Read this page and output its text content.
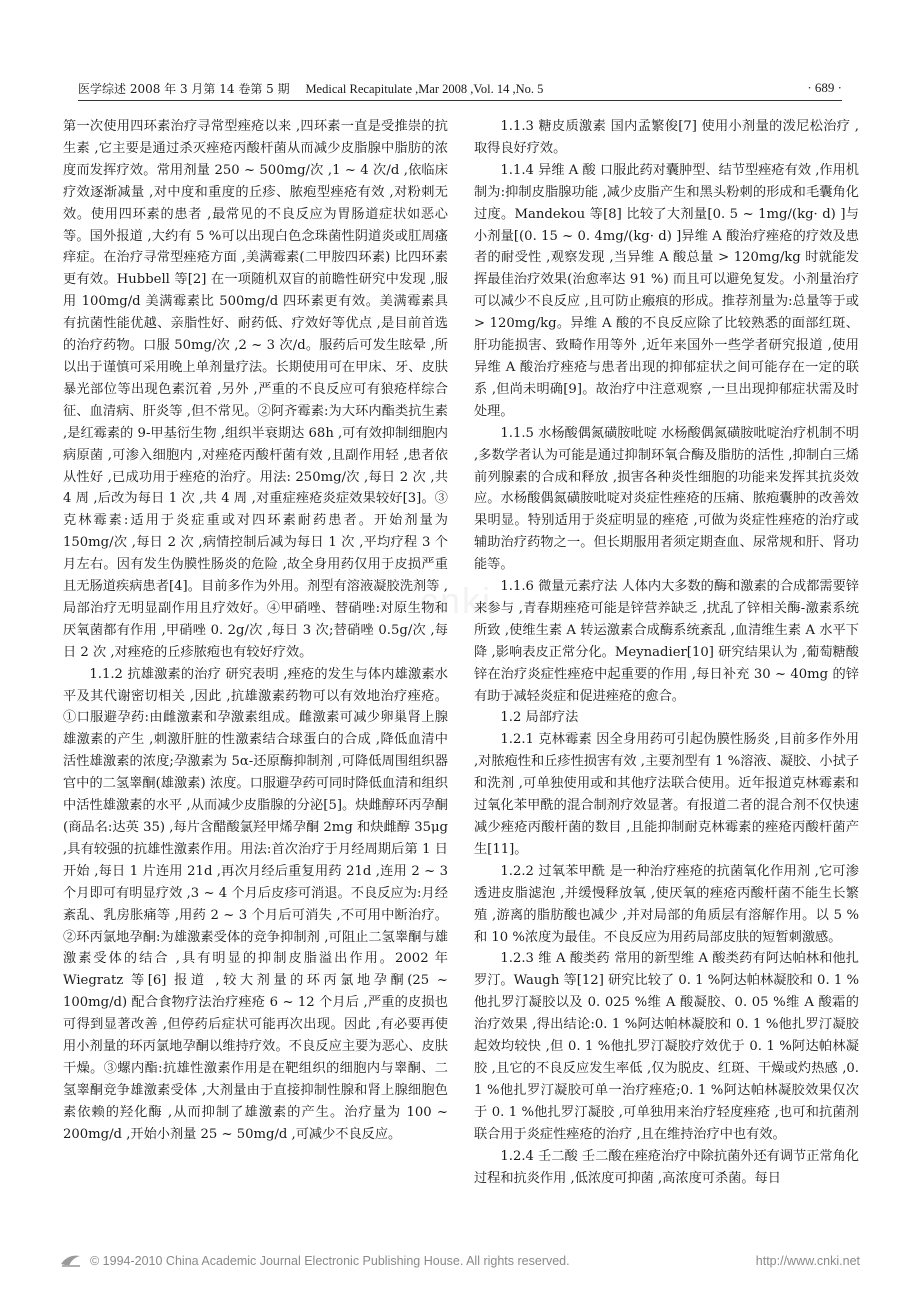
医学综述 2008 年 3 月第 14 卷第 5 期 Medical Recapitulate ,Mar 2008 ,Vol. 14 ,No. 5	· 689 ·
cnki

第一次使用四环素治疗寻常型痤疮以来 ,四环素一直是受推崇的抗生素 ,它主要是通过杀灭痤疮丙酸杆菌从而减少皮脂腺中脂肪的浓度而发挥疗效。常用剂量 250 ~ 500mg/次 ,1 ~ 4 次/d ,依临床疗效逐渐减量 ,对中度和重度的丘疹、脓疱型痤疮有效 ,对粉刺无效。使用四环素的患者 ,最常见的不良反应为胃肠道症状如恶心等。国外报道 ,大约有 5 %可以出现白色念珠菌性阴道炎或肛周瘙痒症。在治疗寻常型痤疮方面 ,美满霉素(二甲胺四环素) 比四环素更有效。Hubbell 等[2] 在一项随机双盲的前瞻性研究中发现 ,服用 100mg/d 美满霉素比 500mg/d 四环素更有效。美满霉素具有抗菌性能优越、亲脂性好、耐药低、疗效好等优点 ,是目前首选的治疗药物。口服 50mg/次 ,2 ~ 3 次/d。服药后可发生眩晕 ,所以出于谨慎可采用晚上单剂量疗法。长期使用可在甲床、牙、皮肤暴光部位等出现色素沉着 ,另外 ,严重的不良反应可有狼疮样综合征、血清病、肝炎等 ,但不常见。②阿齐霉素:为大环内酯类抗生素 ,是红霉素的 9-甲基衍生物 ,组织半衰期达 68h ,可有效抑制细胞内病原菌 ,可渗入细胞内 ,对痤疮丙酸杆菌有效 ,且副作用轻 ,患者依从性好 ,已成功用于痤疮的治疗。用法: 250mg/次 ,每日 2 次 ,共 4 周 ,后改为每日 1 次 ,共 4 周 ,对重症痤疮炎症效果较好[3]。③克林霉素:适用于炎症重或对四环素耐药患者。开始剂量为 150mg/次 ,每日 2 次 ,病情控制后减为每日 1 次 ,平均疗程 3 个月左右。因有发生伪膜性肠炎的危险 ,故全身用药仅用于皮损严重且无肠道疾病患者[4]。目前多作为外用。剂型有溶液凝胶洗剂等 ,局部治疗无明显副作用且疗效好。④甲硝唑、替硝唑:对原生物和厌氧菌都有作用 ,甲硝唑 0. 2g/次 ,每日 3 次;替硝唑 0.5g/次 ,每日 2 次 ,对痤疮的丘疹脓疱也有较好疗效。

1.1.2 抗雄激素的治疗 研究表明 ,痤疮的发生与体内雄激素水平及其代谢密切相关 ,因此 ,抗雄激素药物可以有效地治疗痤疮。①口服避孕药:由雌激素和孕激素组成。雌激素可减少卵巢肾上腺雄激素的产生 ,刺激肝脏的性激素结合球蛋白的合成 ,降低血清中活性雄激素的浓度;孕激素为 5α-还原酶抑制剂 ,可降低周围组织器官中的二氢睾酮(雄激素) 浓度。口服避孕药可同时降低血清和组织中活性雄激素的水平 ,从而减少皮脂腺的分泌[5]。炔雌醇环丙孕酮(商品名:达英 35) ,每片含醋酸氯羟甲烯孕酮 2mg 和炔雌醇 35μg ,具有较强的抗雄性激素作用。用法:首次治疗于月经周期后第 1 日开始 ,每日 1 片连用 21d ,再次月经后重复用药 21d ,连用 2 ~ 3 个月即可有明显疗效 ,3 ~ 4 个月后皮疹可消退。不良反应为:月经紊乱、乳房胀痛等 ,用药 2 ~ 3 个月后可消失 ,不可用中断治疗。②环丙氯地孕酮:为雄激素受体的竞争抑制剂 ,可阻止二氢睾酮与雄激素受体的结合 ,具有明显的抑制皮脂溢出作用。2002 年 Wiegratz 等[6] 报道 ,较大剂量的环丙氯地孕酮(25 ~ 100mg/d) 配合食物疗法治疗痤疮 6 ~ 12 个月后 ,严重的皮损也可得到显著改善 ,但停药后症状可能再次出现。因此 ,有必要再使用小剂量的环丙氯地孕酮以维持疗效。不良反应主要为恶心、皮肤干燥。③螺内酯:抗雄性激素作用是在靶组织的细胞内与睾酮、二氢睾酮竞争雄激素受体 ,大剂量由于直接抑制性腺和肾上腺细胞色素依赖的羟化酶 ,从而抑制了雄激素的产生。治疗量为 100 ~ 200mg/d ,开始小剂量 25 ~ 50mg/d ,可减少不良反应。

1.1.3 糖皮质激素 国内孟繁俊[7] 使用小剂量的泼尼松治疗 ,取得良好疗效。

1.1.4 异维 A 酸 口服此药对囊肿型、结节型痤疮有效 ,作用机制为:抑制皮脂腺功能 ,减少皮脂产生和黑头粉刺的形成和毛囊角化过度。Mandekou 等[8] 比较了大剂量[0. 5 ~ 1mg/(kg· d) ]与小剂量[(0. 15 ~ 0. 4mg/(kg· d) ]异维 A 酸治疗痤疮的疗效及患者的耐受性 ,观察发现 ,当异维 A 酸总量 > 120mg/kg 时就能发挥最佳治疗效果(治愈率达 91 %) 而且可以避免复发。小剂量治疗可以减少不良反应 ,且可防止瘢痕的形成。推荐剂量为:总量等于或 > 120mg/kg。异维 A 酸的不良反应除了比较熟悉的面部红斑、肝功能损害、致畸作用等外 ,近年来国外一些学者研究报道 ,使用异维 A 酸治疗痤疮与患者出现的抑郁症状之间可能存在一定的联系 ,但尚未明确[9]。故治疗中注意观察 ,一旦出现抑郁症状需及时处理。

1.1.5 水杨酸偶氮磺胺吡啶 水杨酸偶氮磺胺吡啶治疗机制不明 ,多数学者认为可能是通过抑制环氧合酶及脂肪的活性 ,抑制白三烯前列腺素的合成和释放 ,损害各种炎性细胞的功能来发挥其抗炎效应。水杨酸偶氮磺胺吡啶对炎症性痤疮的压痛、脓疱囊肿的改善效果明显。特别适用于炎症明显的痤疮 ,可做为炎症性痤疮的治疗或辅助治疗药物之一。但长期服用者须定期查血、尿常规和肝、肾功能等。

1.1.6 微量元素疗法 人体内大多数的酶和激素的合成都需要锌来参与 ,青春期痤疮可能是锌营养缺乏 ,扰乱了锌相关酶-激素系统所致 ,使维生素 A 转运激素合成酶系统紊乱 ,血清维生素 A 水平下降 ,影响表皮正常分化。Meynadier[10] 研究结果认为 ,葡萄糖酸锌在治疗炎症性痤疮中起重要的作用 ,每日补充 30 ~ 40mg 的锌有助于减轻炎症和促进痤疮的愈合。

1.2 局部疗法

1.2.1 克林霉素 因全身用药可引起伪膜性肠炎 ,目前多作外用 ,对脓疱性和丘疹性损害有效 ,主要剂型有 1 %溶液、凝胶、小拭子和洗剂 ,可单独使用或和其他疗法联合使用。近年报道克林霉素和过氧化苯甲酰的混合制剂疗效显著。有报道二者的混合剂不仅快速减少痤疮丙酸杆菌的数目 ,且能抑制耐克林霉素的痤疮丙酸杆菌产生[11]。

1.2.2 过氧苯甲酰 是一种治疗痤疮的抗菌氧化作用剂 ,它可渗透进皮脂滤泡 ,并缓慢释放氧 ,使厌氧的痤疮丙酸杆菌不能生长繁殖 ,游离的脂肪酸也减少 ,并对局部的角质层有溶解作用。以 5 %和 10 %浓度为最佳。不良反应为用药局部皮肤的短暂刺激感。

1.2.3 维 A 酸类药 常用的新型维 A 酸类药有阿达帕林和他扎罗汀。Waugh 等[12] 研究比较了 0. 1 %阿达帕林凝胶和 0. 1 %他扎罗汀凝胶以及 0. 025 %维 A 酸凝胶、0. 05 %维 A 酸霜的治疗效果 ,得出结论:0. 1 %阿达帕林凝胶和 0. 1 %他扎罗汀凝胶起效均较快 ,但 0. 1 %他扎罗汀凝胶疗效优于 0. 1 %阿达帕林凝胶 ,且它的不良反应发生率低 ,仅为脱皮、红斑、干燥或灼热感 ,0. 1 %他扎罗汀凝胶可单一治疗痤疮;0. 1 %阿达帕林凝胶效果仅次于 0. 1 %他扎罗汀凝胶 ,可单独用来治疗轻度痤疮 ,也可和抗菌剂联合用于炎症性痤疮的治疗 ,且在维持治疗中也有效。

1.2.4 壬二酸 壬二酸在痤疮治疗中除抗菌外还有调节正常角化过程和抗炎作用 ,低浓度可抑菌 ,高浓度可杀菌。每日

© 1994-2010 China Academic Journal Electronic Publishing House. All rights reserved.	http://www.cnki.net
